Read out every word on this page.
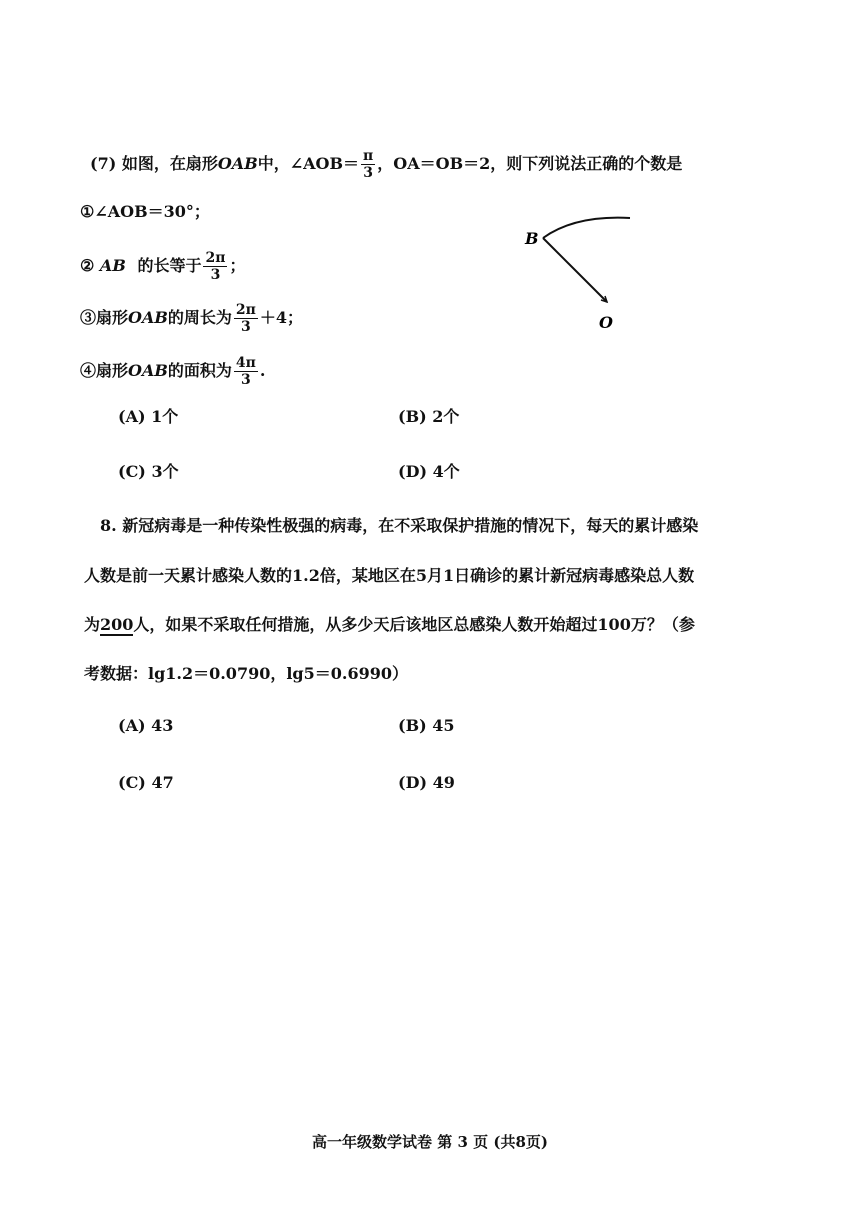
(7) 如图，在扇形OAB中，∠AOB＝ $\frac{\pi}{3}$ ，OA＝OB＝2，则下列说法正确的个数是
①∠AOB＝30°；
② AB 的长等于 $\frac{2\pi}{3}$ ；
③扇形OAB的周长为 $\frac{2\pi}{3} +4$；
④扇形OAB的面积为 $\frac{4\pi}{3}$ .
B
O
(A) 1个	(B) 2个
(C) 3个	(D) 4个
8. 新冠病毒是一种传染性极强的病毒，在不采取保护措施的情况下，每天的累计感染
人数是前一天累计感染人数的1.2倍，某地区在5月1日确诊的累计新冠病毒感染总人数
为200人，如果不采取任何措施，从多少天后该地区总感染人数开始超过100万？（参
考数据：lg1.2＝0.0790，lg5＝0.6990）
(A) 43	(B) 45
(C) 47	(D) 49
高一年级数学试卷 第 3 页 (共8页)
